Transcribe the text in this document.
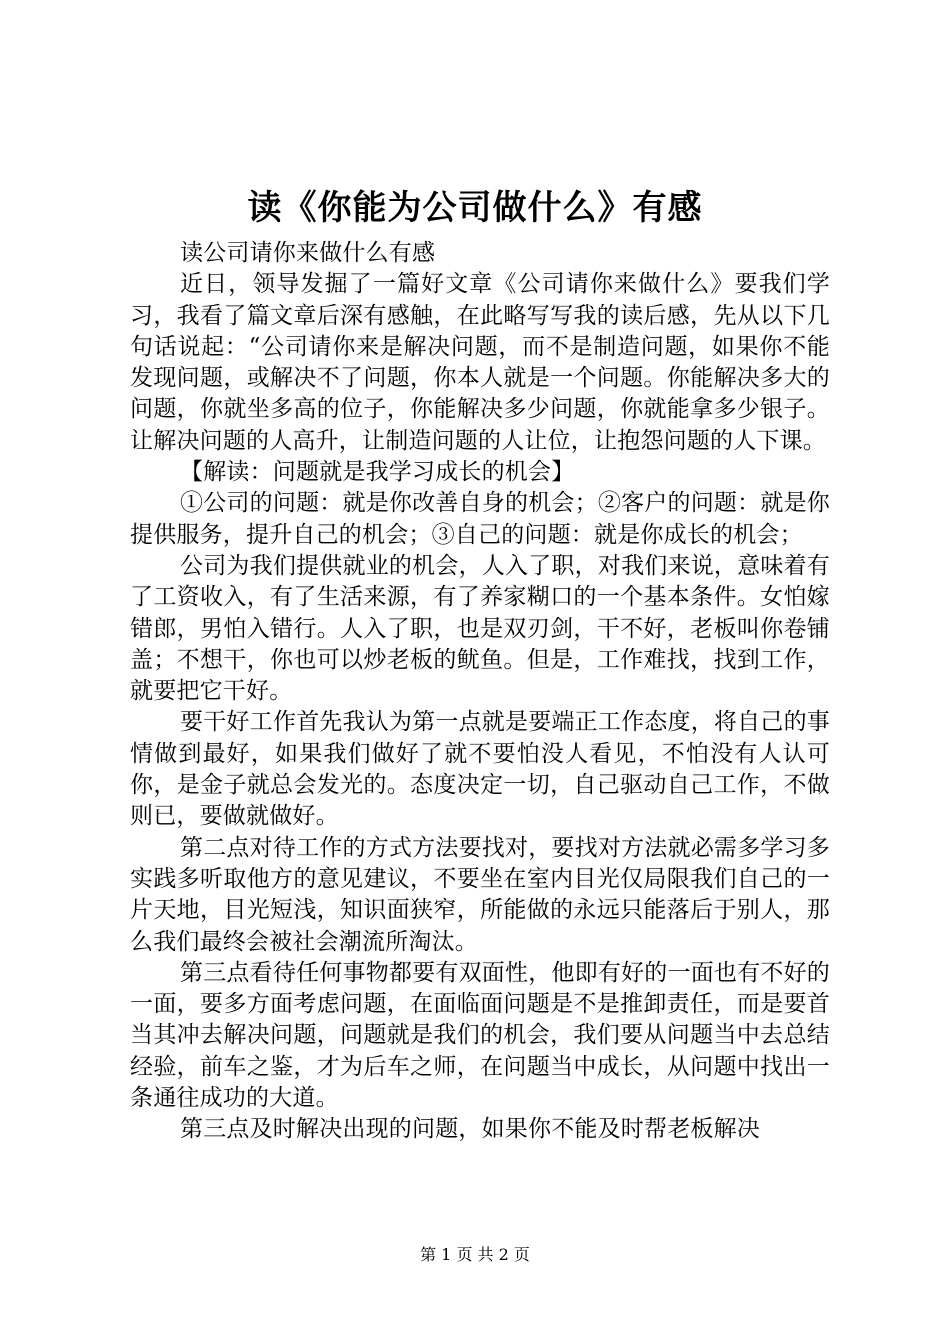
读《你能为公司做什么》有感

读公司请你来做什么有感

近日，领导发掘了一篇好文章《公司请你来做什么》要我们学习，我看了篇文章后深有感触，在此略写写我的读后感，先从以下几句话说起：“公司请你来是解决问题，而不是制造问题，如果你不能发现问题，或解决不了问题，你本人就是一个问题。你能解决多大的问题，你就坐多高的位子，你能解决多少问题，你就能拿多少银子。让解决问题的人高升，让制造问题的人让位，让抱怨问题的人下课。

【解读：问题就是我学习成长的机会】

①公司的问题：就是你改善自身的机会；②客户的问题：就是你提供服务，提升自己的机会；③自己的问题：就是你成长的机会；

公司为我们提供就业的机会，人入了职，对我们来说，意味着有了工资收入，有了生活来源，有了养家糊口的一个基本条件。女怕嫁错郎，男怕入错行。人入了职，也是双刃剑，干不好，老板叫你卷铺盖；不想干，你也可以炒老板的鱿鱼。但是，工作难找，找到工作，就要把它干好。

要干好工作首先我认为第一点就是要端正工作态度，将自己的事情做到最好，如果我们做好了就不要怕没人看见，不怕没有人认可你，是金子就总会发光的。态度决定一切，自己驱动自己工作，不做则已，要做就做好。

第二点对待工作的方式方法要找对，要找对方法就必需多学习多实践多听取他方的意见建议，不要坐在室内目光仅局限我们自己的一片天地，目光短浅，知识面狭窄，所能做的永远只能落后于别人，那么我们最终会被社会潮流所淘汰。

第三点看待任何事物都要有双面性，他即有好的一面也有不好的一面，要多方面考虑问题，在面临面问题是不是推卸责任，而是要首当其冲去解决问题，问题就是我们的机会，我们要从问题当中去总结经验，前车之鉴，才为后车之师，在问题当中成长，从问题中找出一条通往成功的大道。

第三点及时解决出现的问题，如果你不能及时帮老板解决

第 1 页 共 2 页
